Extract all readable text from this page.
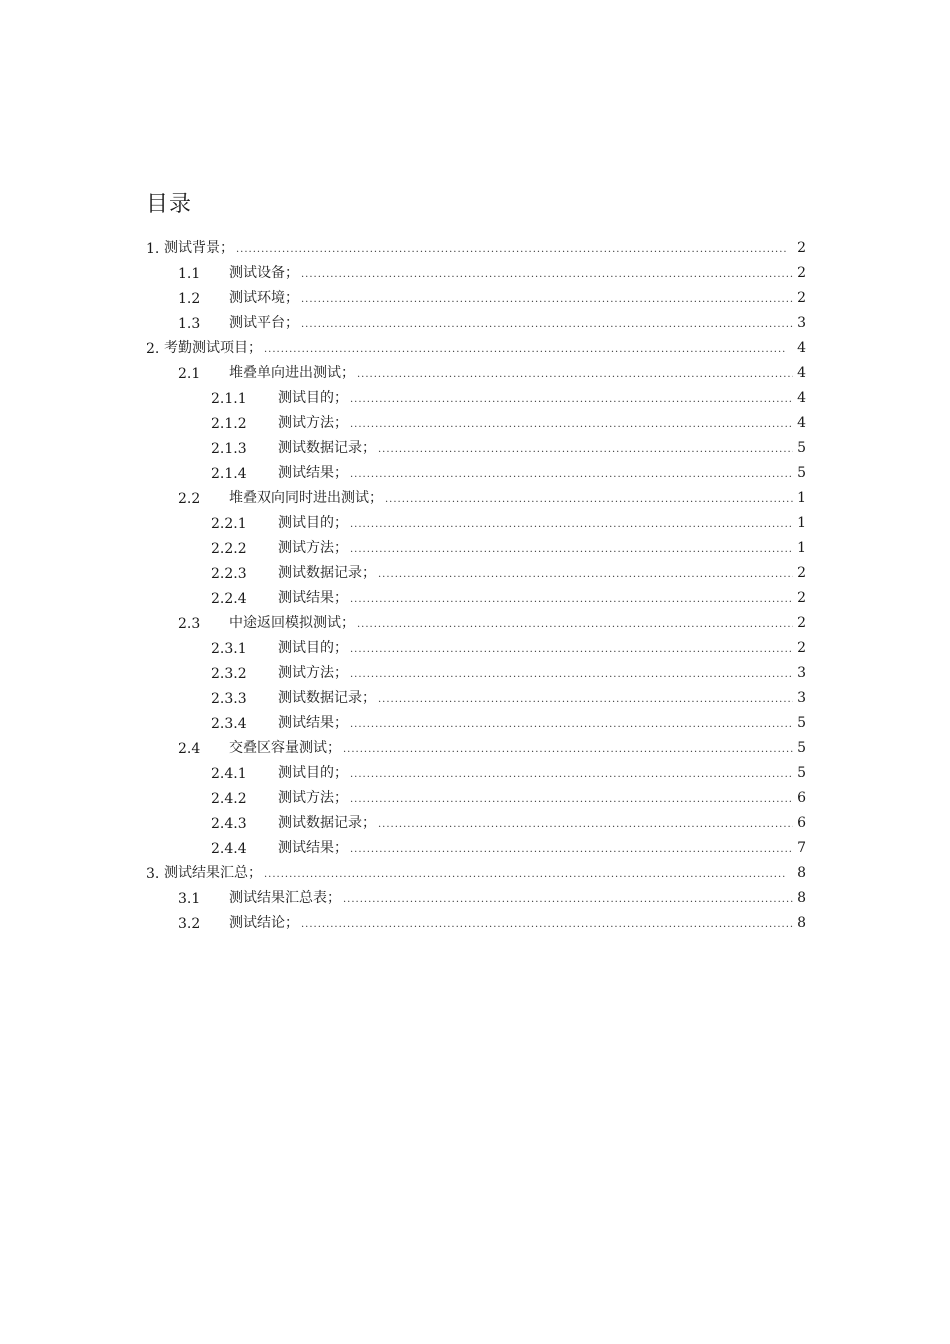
目录
1. 测试背景； .....	2
1.1 测试设备； .....	2
1.2 测试环境； .....	2
1.3 测试平台； .....	3
2. 考勤测试项目； .....	4
2.1 堆叠单向进出测试； .....	4
2.1.1 测试目的； .....	4
2.1.2 测试方法； .....	4
2.1.3 测试数据记录； .....	5
2.1.4 测试结果； .....	5
2.2 堆叠双向同时进出测试； .....	1
2.2.1 测试目的； .....	1
2.2.2 测试方法； .....	1
2.2.3 测试数据记录； .....	2
2.2.4 测试结果； .....	2
2.3 中途返回模拟测试； .....	2
2.3.1 测试目的； .....	2
2.3.2 测试方法； .....	3
2.3.3 测试数据记录； .....	3
2.3.4 测试结果； .....	5
2.4 交叠区容量测试； .....	5
2.4.1 测试目的； .....	5
2.4.2 测试方法； .....	6
2.4.3 测试数据记录； .....	6
2.4.4 测试结果； .....	7
3. 测试结果汇总； .....	8
3.1 测试结果汇总表； .....	8
3.2 测试结论； .....	8
